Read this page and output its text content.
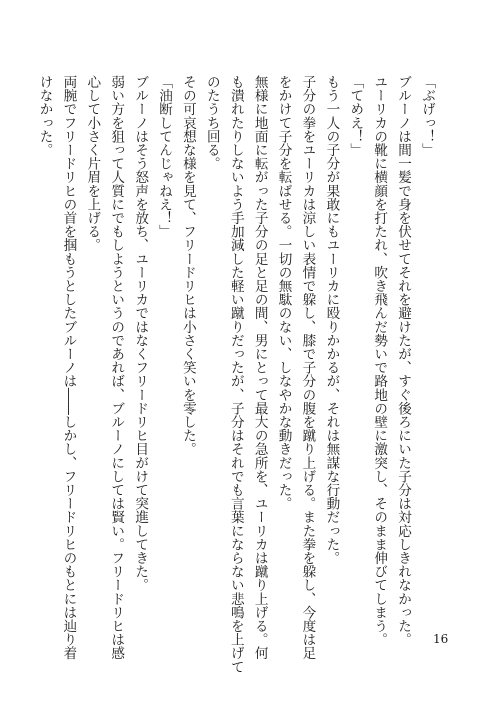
「ぶげっ！」
ブルーノは間一髪で身を伏せてそれを避けたが、すぐ後ろにいた子分は対応しきれなかった。
ユーリカの靴に横顔を打たれ、吹き飛んだ勢いで路地の壁に激突し、そのまま伸びてしまう。
「てめえ！」
もう一人の子分が果敢にもユーリカに殴りかかるが、それは無謀な行動だった。
子分の拳をユーリカは涼しい表情で躱し、膝で子分の腹を蹴り上げる。また拳を躱し、今度は足
をかけて子分を転ばせる。一切の無駄のない、しなやかな動きだった。
無様に地面に転がった子分の足と足の間、男にとって最大の急所を、ユーリカは蹴り上げる。何
も潰れたりしないよう手加減した軽い蹴りだったが、子分はそれでも言葉にならない悲鳴を上げて
のたうち回る。
その可哀想な様を見て、フリードリヒは小さく笑いを零した。
「油断してんじゃねえ！」
ブルーノはそう怒声を放ち、ユーリカではなくフリードリヒ目がけて突進してきた。
弱い方を狙って人質にでもしようというのであれば、ブルーノにしては賢い。フリードリヒは感
心して小さく片眉を上げる。
両腕でフリードリヒの首を掴もうとしたブルーノは――しかし、フリードリヒのもとには辿り着
けなかった。
16
